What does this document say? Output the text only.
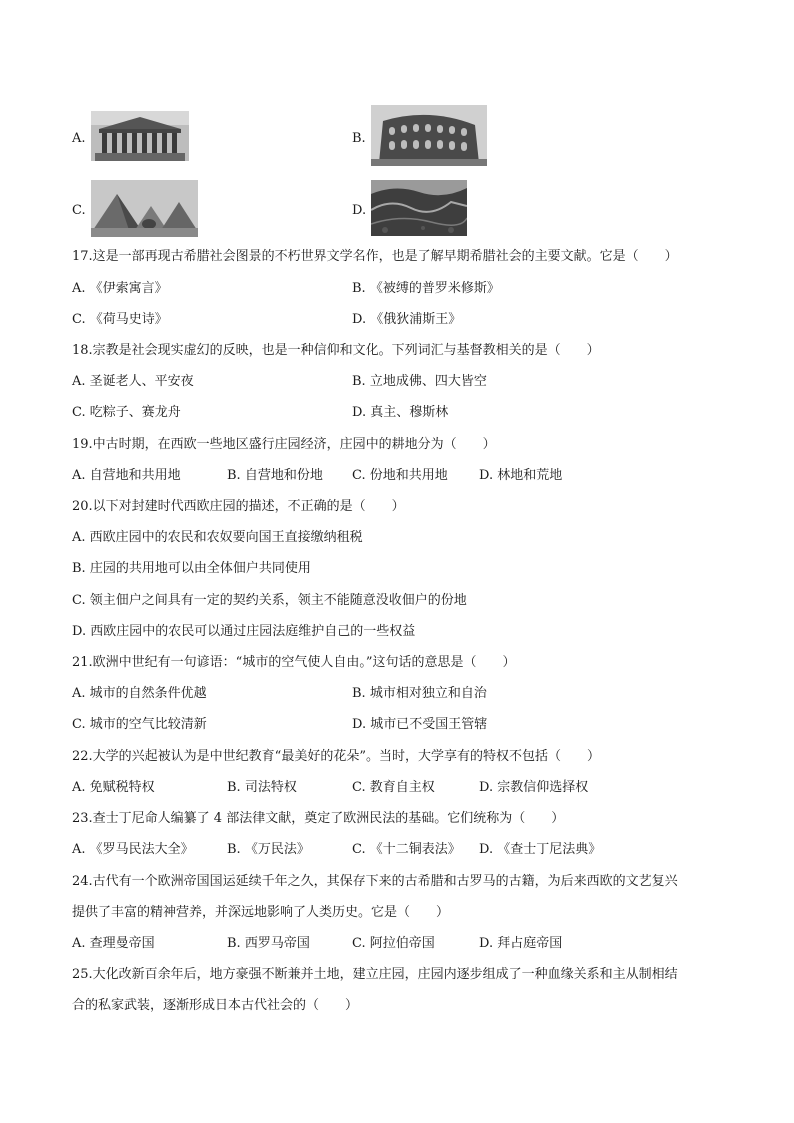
A.	B.
C.	D.
17.这是一部再现古希腊社会图景的不朽世界文学名作，也是了解早期希腊社会的主要文献。它是（　　）
A. 《伊索寓言》	B. 《被缚的普罗米修斯》
C. 《荷马史诗》	D. 《俄狄浦斯王》
18.宗教是社会现实虚幻的反映，也是一种信仰和文化。下列词汇与基督教相关的是（　　）
A. 圣诞老人、平安夜	B. 立地成佛、四大皆空
C. 吃粽子、赛龙舟	D. 真主、穆斯林
19.中古时期，在西欧一些地区盛行庄园经济，庄园中的耕地分为（　　）
A. 自营地和共用地	B. 自营地和份地 C. 份地和共用地 D. 林地和荒地
20.以下对封建时代西欧庄园的描述，不正确的是（　　）
A. 西欧庄园中的农民和农奴要向国王直接缴纳租税
B. 庄园的共用地可以由全体佃户共同使用
C. 领主佃户之间具有一定的契约关系，领主不能随意没收佃户的份地
D. 西欧庄园中的农民可以通过庄园法庭维护自己的一些权益
21.欧洲中世纪有一句谚语：“城市的空气使人自由。”这句话的意思是（　　）
A. 城市的自然条件优越	B. 城市相对独立和自治
C. 城市的空气比较清新	D. 城市已不受国王管辖
22.大学的兴起被认为是中世纪教育“最美好的花朵”。当时，大学享有的特权不包括（　　）
A. 免赋税特权	B. 司法特权	C. 教育自主权	D. 宗教信仰选择权
23.查士丁尼命人编纂了 4 部法律文献，奠定了欧洲民法的基础。它们统称为（　　）
A. 《罗马民法大全》	B. 《万民法》	C. 《十二铜表法》 D. 《查士丁尼法典》
24.古代有一个欧洲帝国国运延续千年之久，其保存下来的古希腊和古罗马的古籍，为后来西欧的文艺复兴
提供了丰富的精神营养，并深远地影响了人类历史。它是（　　）
A. 查理曼帝国	B. 西罗马帝国	C. 阿拉伯帝国	D. 拜占庭帝国
25.大化改新百余年后，地方豪强不断兼并土地，建立庄园，庄园内逐步组成了一种血缘关系和主从制相结
合的私家武装，逐渐形成日本古代社会的（　　）
